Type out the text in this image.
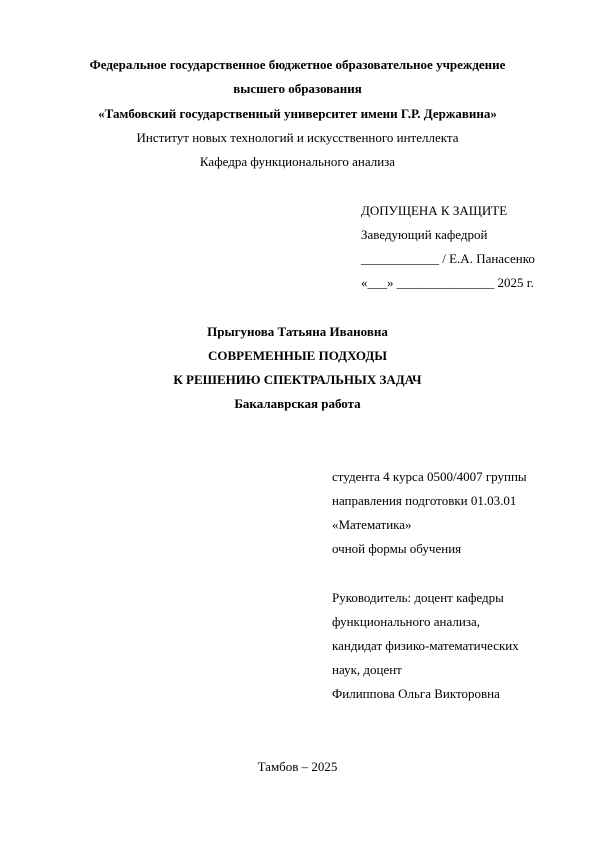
Федеральное государственное бюджетное образовательное учреждение
высшего образования
«Тамбовский государственный университет имени Г.Р. Державина»
Институт новых технологий и искусственного интеллекта
Кафедра функционального анализа
ДОПУЩЕНА К ЗАЩИТЕ
Заведующий кафедрой
____________ / Е.А. Панасенко
«___» _______________ 2025 г.
Прыгунова Татьяна Ивановна
СОВРЕМЕННЫЕ ПОДХОДЫ
К РЕШЕНИЮ СПЕКТРАЛЬНЫХ ЗАДАЧ
Бакалаврская работа
студента 4 курса 0500/4007 группы
направления подготовки 01.03.01
«Математика»
очной формы обучения
Руководитель: доцент кафедры
функционального анализа,
кандидат физико-математических
наук, доцент
Филиппова Ольга Викторовна
Тамбов – 2025
